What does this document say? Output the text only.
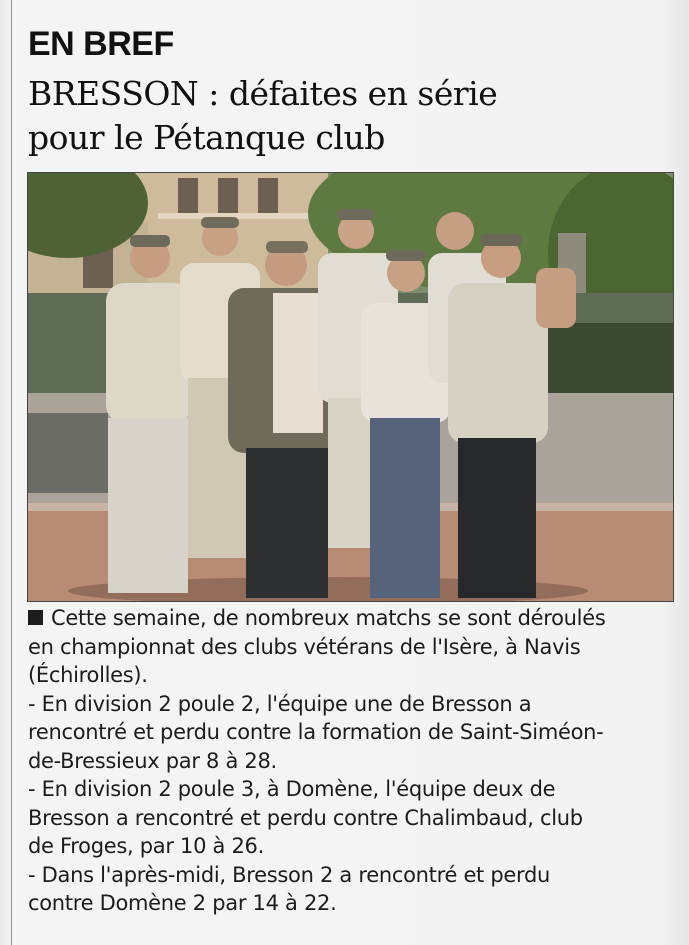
EN BREF
BRESSON : défaites en série
pour le Pétanque club

Cette semaine, de nombreux matchs se sont déroulés

en championnat des clubs vétérans de l'Isère, à Navis

(Échirolles).

- En division 2 poule 2, l'équipe une de Bresson a

rencontré et perdu contre la formation de Saint-Siméon-

de-Bressieux par 8 à 28.

- En division 2 poule 3, à Domène, l'équipe deux de

Bresson a rencontré et perdu contre Chalimbaud, club

de Froges, par 10 à 26.

- Dans l'après-midi, Bresson 2 a rencontré et perdu

contre Domène 2 par 14 à 22.
